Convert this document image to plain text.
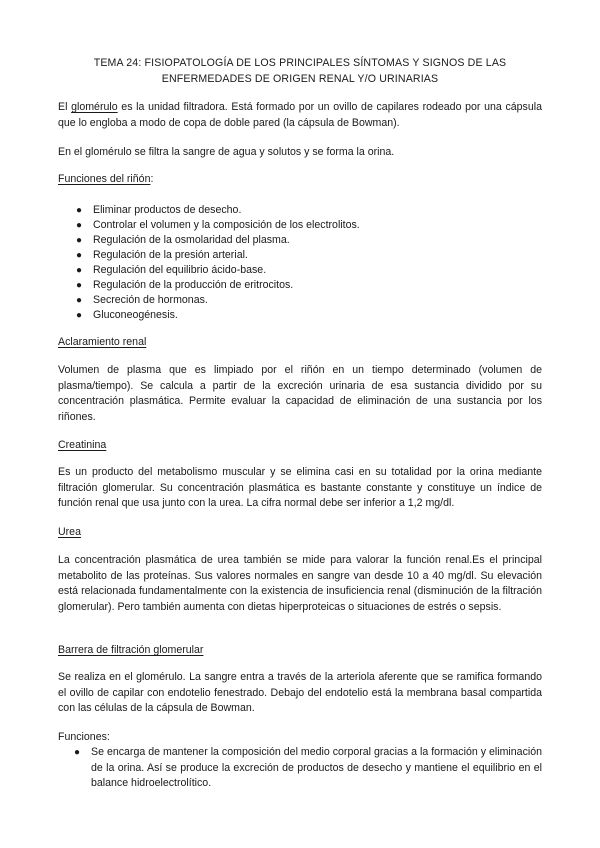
TEMA 24: FISIOPATOLOGÍA DE LOS PRINCIPALES SÍNTOMAS Y SIGNOS DE LAS
ENFERMEDADES DE ORIGEN RENAL Y/O URINARIAS
El glomérulo es la unidad filtradora. Está formado por un ovillo de capilares rodeado por una cápsula que lo engloba a modo de copa de doble pared (la cápsula de Bowman).
En el glomérulo se filtra la sangre de agua y solutos y se forma la orina.
Funciones del riñón:
● Eliminar productos de desecho.
● Controlar el volumen y la composición de los electrolitos.
● Regulación de la osmolaridad del plasma.
● Regulación de la presión arterial.
● Regulación del equilibrio ácido-base.
● Regulación de la producción de eritrocitos.
● Secreción de hormonas.
● Gluconeogénesis.
Aclaramiento renal
Volumen de plasma que es limpiado por el riñón en un tiempo determinado (volumen de plasma/tiempo). Se calcula a partir de la excreción urinaria de esa sustancia dividido por su concentración plasmática. Permite evaluar la capacidad de eliminación de una sustancia por los riñones.
Creatinina
Es un producto del metabolismo muscular y se elimina casi en su totalidad por la orina mediante filtración glomerular. Su concentración plasmática es bastante constante y constituye un índice de función renal que usa junto con la urea. La cifra normal debe ser inferior a 1,2 mg/dl.
Urea
La concentración plasmática de urea también se mide para valorar la función renal.Es el principal metabolito de las proteínas. Sus valores normales en sangre van desde 10 a 40 mg/dl. Su elevación está relacionada fundamentalmente con la existencia de insuficiencia renal (disminución de la filtración glomerular). Pero también aumenta con dietas hiperproteicas o situaciones de estrés o sepsis.
Barrera de filtración glomerular
Se realiza en el glomérulo. La sangre entra a través de la arteriola aferente que se ramifica formando el ovillo de capilar con endotelio fenestrado. Debajo del endotelio está la membrana basal compartida con las células de la cápsula de Bowman.
Funciones:
● Se encarga de mantener la composición del medio corporal gracias a la formación y eliminación de la orina. Así se produce la excreción de productos de desecho y mantiene el equilibrio en el balance hidroelectrolítico.
